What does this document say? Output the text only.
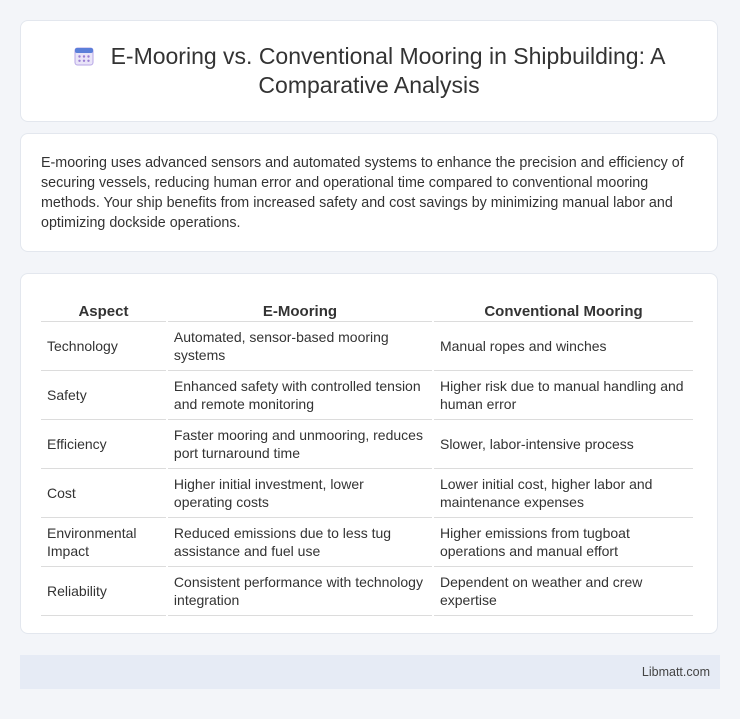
E-Mooring vs. Conventional Mooring in Shipbuilding: A Comparative Analysis
E-mooring uses advanced sensors and automated systems to enhance the precision and efficiency of securing vessels, reducing human error and operational time compared to conventional mooring methods. Your ship benefits from increased safety and cost savings by minimizing manual labor and optimizing dockside operations.
Aspect	E-Mooring	Conventional Mooring
Technology	Automated, sensor-based mooring systems	Manual ropes and winches
Safety	Enhanced safety with controlled tension and remote monitoring	Higher risk due to manual handling and human error
Efficiency	Faster mooring and unmooring, reduces port turnaround time	Slower, labor-intensive process
Cost	Higher initial investment, lower operating costs	Lower initial cost, higher labor and maintenance expenses
Environmental Impact	Reduced emissions due to less tug assistance and fuel use	Higher emissions from tugboat operations and manual effort
Reliability	Consistent performance with technology integration	Dependent on weather and crew expertise
Libmatt.com
